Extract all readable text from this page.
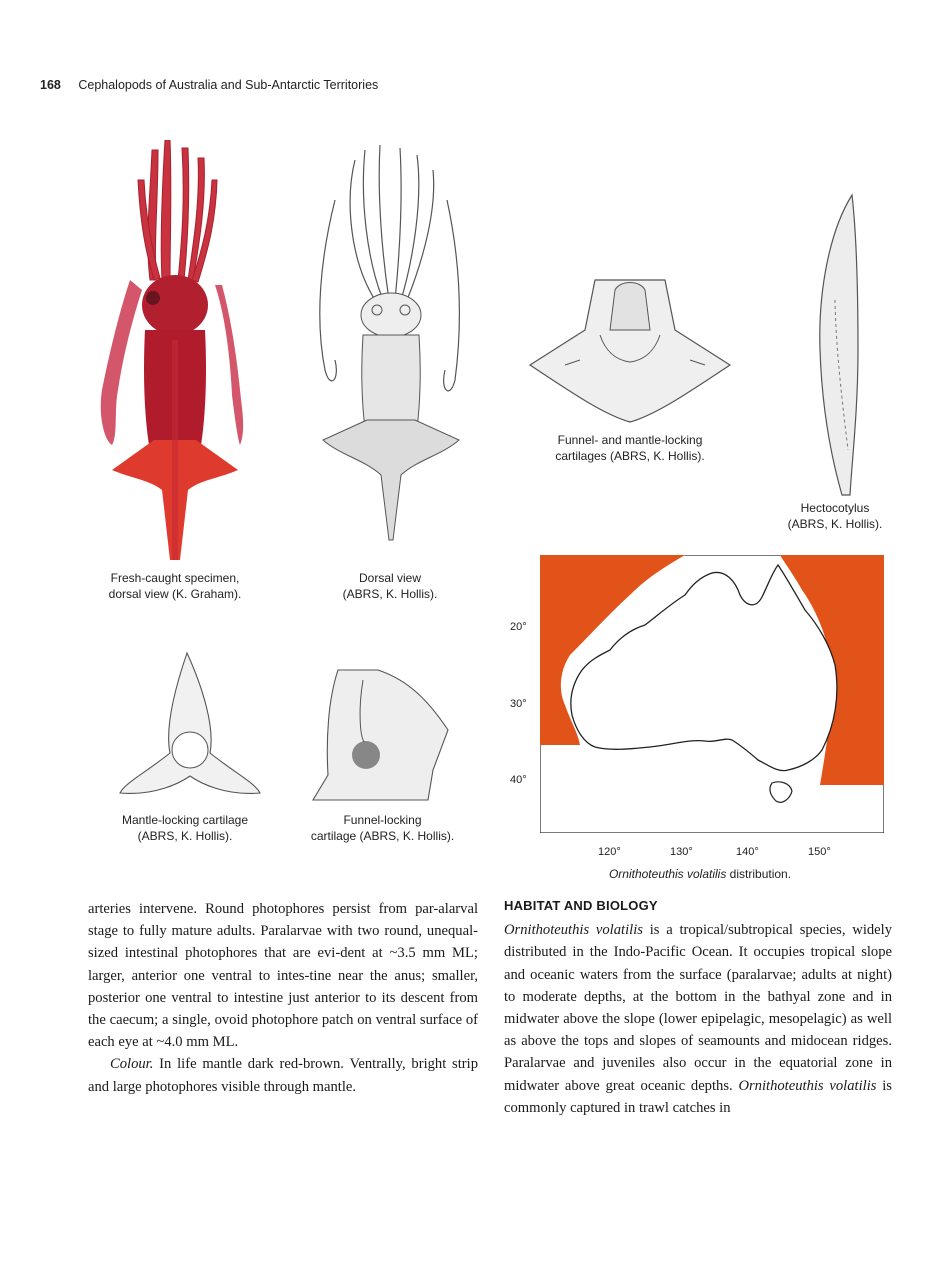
168 Cephalopods of Australia and Sub-Antarctic Territories
Fresh-caught specimen,
dorsal view (K. Graham).
Dorsal view
(ABRS, K. Hollis).
Funnel- and mantle-locking
cartilages (ABRS, K. Hollis).
Hectocotylus
(ABRS, K. Hollis).
Mantle-locking cartilage
(ABRS, K. Hollis).
Funnel-locking
cartilage (ABRS, K. Hollis).
20°
30°
40°
120°	130°	140°	150°
Ornithoteuthis volatilis distribution.

arteries intervene. Round photophores persist from par-alarval stage to fully mature adults. Paralarvae with two round, unequal-sized intestinal photophores that are evi-dent at ~3.5 mm ML; larger, anterior one ventral to intes-tine near the anus; smaller, posterior one ventral to intestine just anterior to its descent from the caecum; a single, ovoid photophore patch on ventral surface of each eye at ~4.0 mm ML.

Colour. In life mantle dark red-brown. Ventrally, bright strip and large photophores visible through mantle.

HABITAT AND BIOLOGY

Ornithoteuthis volatilis is a tropical/subtropical species, widely distributed in the Indo-Pacific Ocean. It occupies tropical slope and oceanic waters from the surface (paralarvae; adults at night) to moderate depths, at the bottom in the bathyal zone and in midwater above the slope (lower epipelagic, mesopelagic) as well as above the tops and slopes of seamounts and midocean ridges. Paralarvae and juveniles also occur in the equatorial zone in midwater above great oceanic depths. Ornithoteuthis volatilis is commonly captured in trawl catches in
